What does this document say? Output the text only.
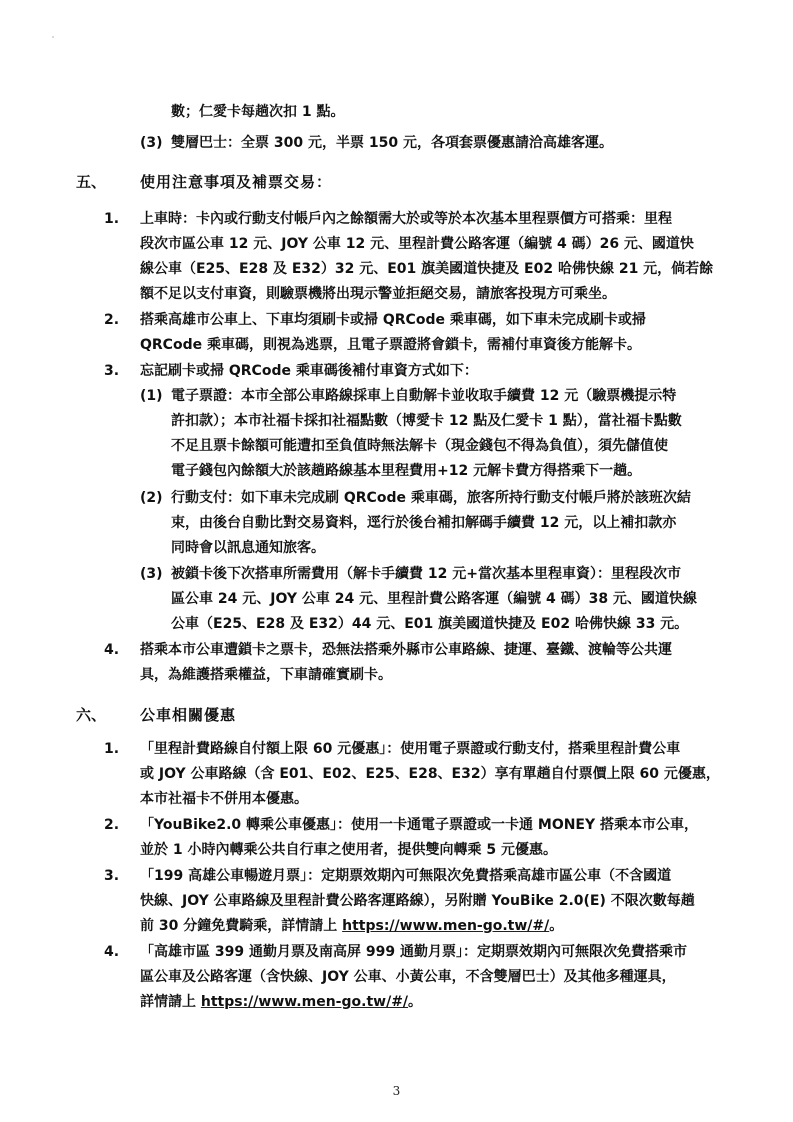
數；仁愛卡每趟次扣 1 點。
(3) 雙層巴士：全票 300 元，半票 150 元，各項套票優惠請洽高雄客運。
五、 使用注意事項及補票交易：
1. 上車時：卡內或行動支付帳戶內之餘額需大於或等於本次基本里程票價方可搭乘：里程
段次市區公車 12 元、JOY 公車 12 元、里程計費公路客運（編號 4 碼）26 元、國道快
線公車（E25、E28 及 E32）32 元、E01 旗美國道快捷及 E02 哈佛快線 21 元，倘若餘
額不足以支付車資，則驗票機將出現示警並拒絕交易，請旅客投現方可乘坐。
2. 搭乘高雄市公車上、下車均須刷卡或掃 QRCode 乘車碼，如下車未完成刷卡或掃
QRCode 乘車碼，則視為逃票，且電子票證將會鎖卡，需補付車資後方能解卡。
3. 忘記刷卡或掃 QRCode 乘車碼後補付車資方式如下：
(1) 電子票證：本市全部公車路線採車上自動解卡並收取手續費 12 元（驗票機提示特
許扣款）；本市社福卡採扣社福點數（博愛卡 12 點及仁愛卡 1 點），當社福卡點數
不足且票卡餘額可能遭扣至負值時無法解卡（現金錢包不得為負值），須先儲值使
電子錢包內餘額大於該趟路線基本里程費用+12 元解卡費方得搭乘下一趟。
(2) 行動支付：如下車未完成刷 QRCode 乘車碼，旅客所持行動支付帳戶將於該班次結
束，由後台自動比對交易資料，逕行於後台補扣解碼手續費 12 元，以上補扣款亦
同時會以訊息通知旅客。
(3) 被鎖卡後下次搭車所需費用（解卡手續費 12 元+當次基本里程車資）：里程段次市
區公車 24 元、JOY 公車 24 元、里程計費公路客運（編號 4 碼）38 元、國道快線
公車（E25、E28 及 E32）44 元、E01 旗美國道快捷及 E02 哈佛快線 33 元。
4. 搭乘本市公車遭鎖卡之票卡，恐無法搭乘外縣市公車路線、捷運、臺鐵、渡輪等公共運
具，為維護搭乘權益，下車請確實刷卡。
六、 公車相關優惠
1. 「里程計費路線自付額上限 60 元優惠」：使用電子票證或行動支付，搭乘里程計費公車
或 JOY 公車路線（含 E01、E02、E25、E28、E32）享有單趟自付票價上限 60 元優惠，
本市社福卡不併用本優惠。
2. 「YouBike2.0 轉乘公車優惠」：使用一卡通電子票證或一卡通 MONEY 搭乘本市公車，
並於 1 小時內轉乘公共自行車之使用者，提供雙向轉乘 5 元優惠。
3. 「199 高雄公車暢遊月票」：定期票效期內可無限次免費搭乘高雄市區公車（不含國道
快線、JOY 公車路線及里程計費公路客運路線），另附贈 YouBike 2.0(E) 不限次數每趟
前 30 分鐘免費騎乘，詳情請上 https://www.men-go.tw/#/。
4. 「高雄市區 399 通勤月票及南高屏 999 通勤月票」：定期票效期內可無限次免費搭乘市
區公車及公路客運（含快線、JOY 公車、小黃公車，不含雙層巴士）及其他多種運具，
詳情請上 https://www.men-go.tw/#/。
3
